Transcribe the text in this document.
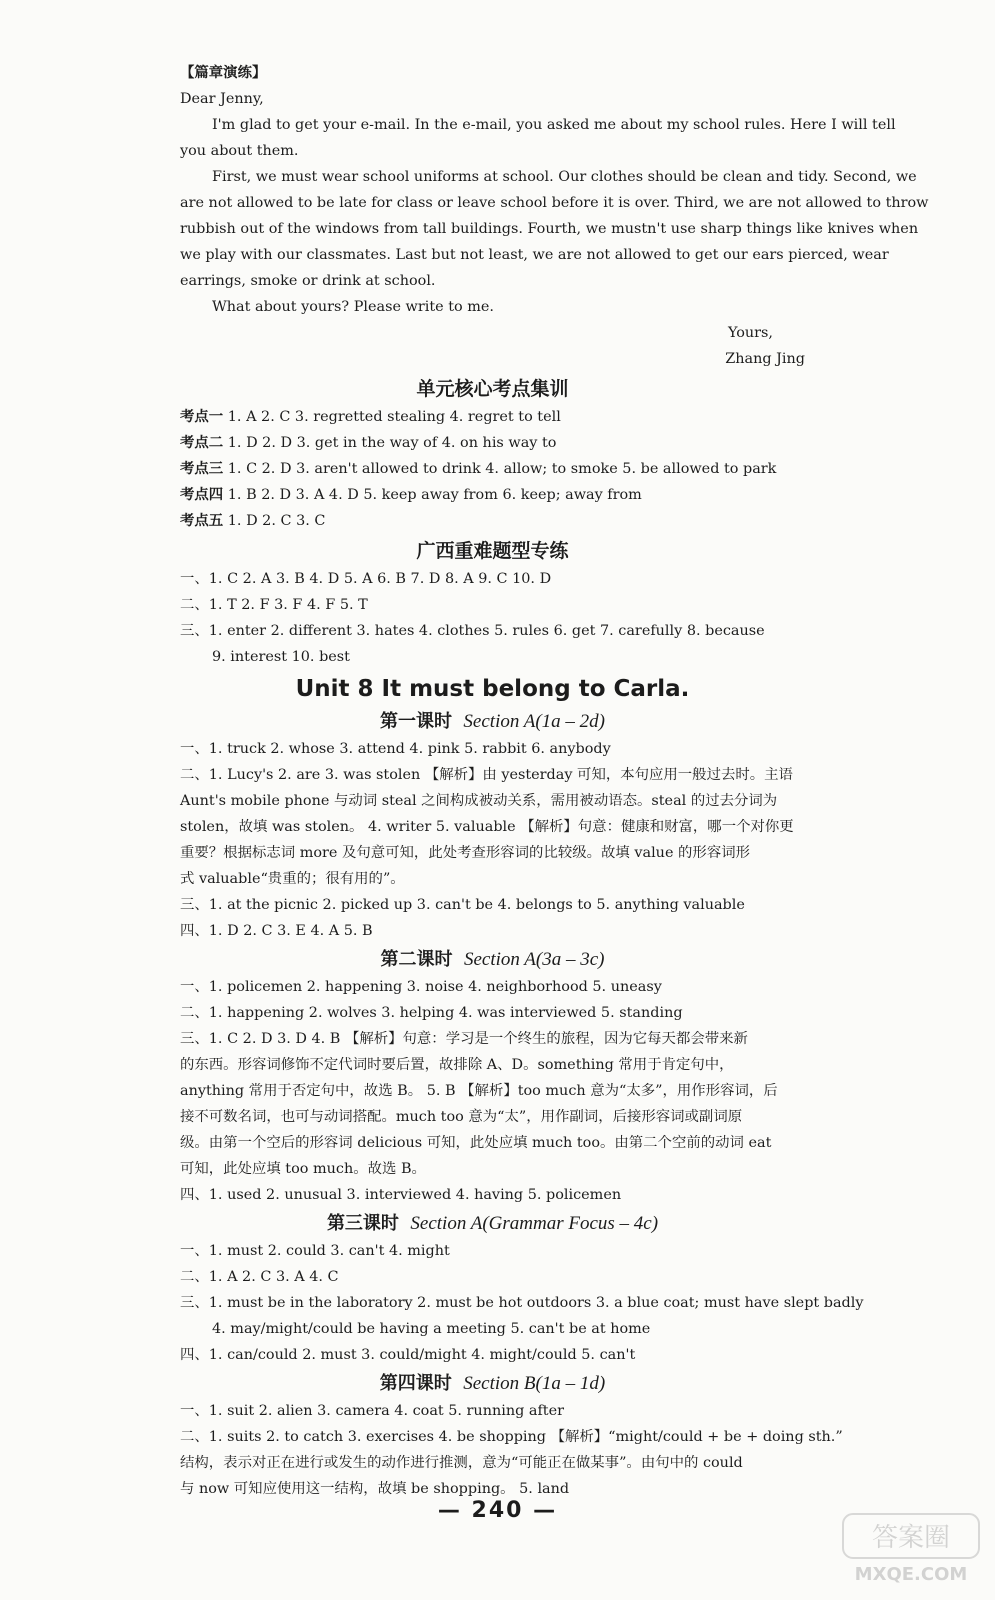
【篇章演练】
Dear Jenny,
I'm glad to get your e-mail. In the e-mail, you asked me about my school rules. Here I will tell
you about them.
First, we must wear school uniforms at school. Our clothes should be clean and tidy. Second, we
are not allowed to be late for class or leave school before it is over. Third, we are not allowed to throw
rubbish out of the windows from tall buildings. Fourth, we mustn't use sharp things like knives when
we play with our classmates. Last but not least, we are not allowed to get our ears pierced, wear
earrings, smoke or drink at school.
What about yours? Please write to me.
Yours,
Zhang Jing
单元核心考点集训
考点一 1. A 2. C 3. regretted stealing 4. regret to tell
考点二 1. D 2. D 3. get in the way of 4. on his way to
考点三 1. C 2. D 3. aren't allowed to drink 4. allow; to smoke 5. be allowed to park
考点四 1. B 2. D 3. A 4. D 5. keep away from 6. keep; away from
考点五 1. D 2. C 3. C
广西重难题型专练
一、1. C 2. A 3. B 4. D 5. A 6. B 7. D 8. A 9. C 10. D
二、1. T 2. F 3. F 4. F 5. T
三、1. enter 2. different 3. hates 4. clothes 5. rules 6. get 7. carefully 8. because
9. interest 10. best
Unit 8 It must belong to Carla.
第一课时 Section A(1a – 2d)
一、1. truck 2. whose 3. attend 4. pink 5. rabbit 6. anybody
二、1. Lucy's 2. are 3. was stolen 【解析】由 yesterday 可知，本句应用一般过去时。主语
Aunt's mobile phone 与动词 steal 之间构成被动关系，需用被动语态。steal 的过去分词为
stolen，故填 was stolen。 4. writer 5. valuable 【解析】句意：健康和财富，哪一个对你更
重要？根据标志词 more 及句意可知，此处考查形容词的比较级。故填 value 的形容词形
式 valuable“贵重的；很有用的”。
三、1. at the picnic 2. picked up 3. can't be 4. belongs to 5. anything valuable
四、1. D 2. C 3. E 4. A 5. B
第二课时 Section A(3a – 3c)
一、1. policemen 2. happening 3. noise 4. neighborhood 5. uneasy
二、1. happening 2. wolves 3. helping 4. was interviewed 5. standing
三、1. C 2. D 3. D 4. B 【解析】句意：学习是一个终生的旅程，因为它每天都会带来新
的东西。形容词修饰不定代词时要后置，故排除 A、D。something 常用于肯定句中，
anything 常用于否定句中，故选 B。 5. B 【解析】too much 意为“太多”，用作形容词，后
接不可数名词，也可与动词搭配。much too 意为“太”，用作副词，后接形容词或副词原
级。由第一个空后的形容词 delicious 可知，此处应填 much too。由第二个空前的动词 eat
可知，此处应填 too much。故选 B。
四、1. used 2. unusual 3. interviewed 4. having 5. policemen
第三课时 Section A(Grammar Focus – 4c)
一、1. must 2. could 3. can't 4. might
二、1. A 2. C 3. A 4. C
三、1. must be in the laboratory 2. must be hot outdoors 3. a blue coat; must have slept badly
4. may/might/could be having a meeting 5. can't be at home
四、1. can/could 2. must 3. could/might 4. might/could 5. can't
第四课时 Section B(1a – 1d)
一、1. suit 2. alien 3. camera 4. coat 5. running after
二、1. suits 2. to catch 3. exercises 4. be shopping 【解析】“might/could + be + doing sth.”
结构，表示对正在进行或发生的动作进行推测，意为“可能正在做某事”。由句中的 could
与 now 可知应使用这一结构，故填 be shopping。 5. land
— 240 —
答案圈
MXQE.COM
